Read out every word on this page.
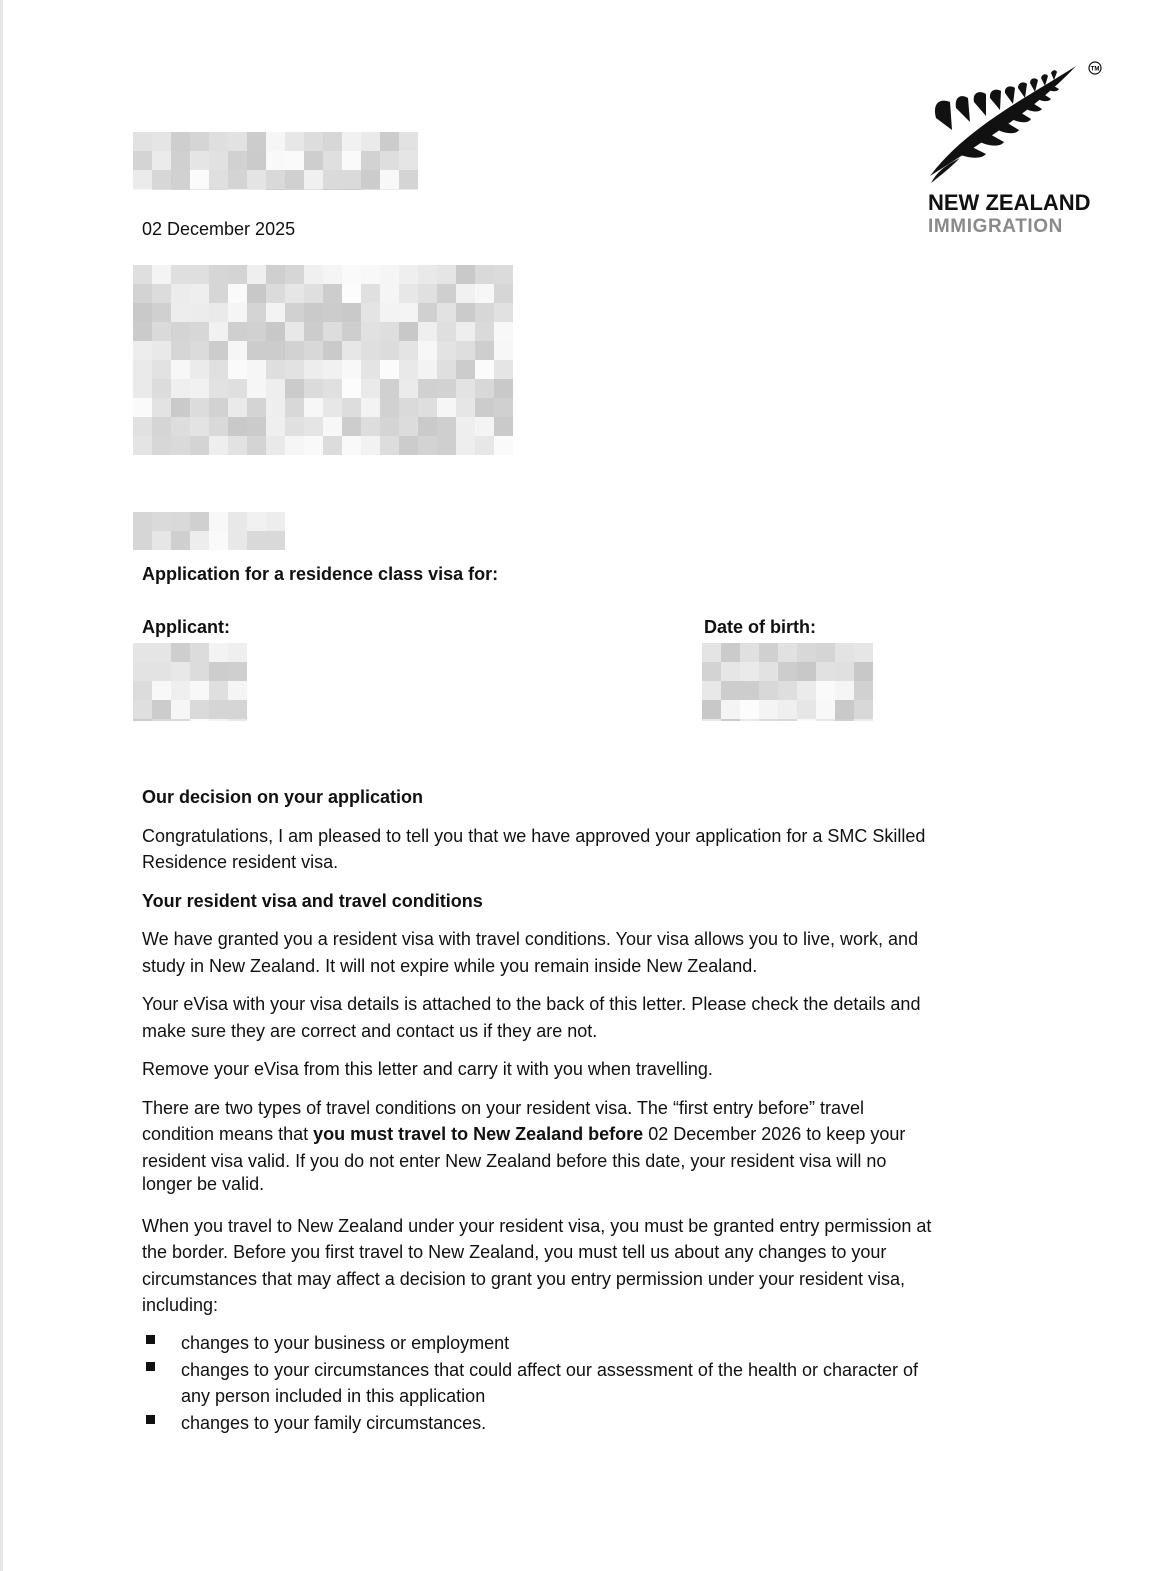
TM
NEW ZEALAND
IMMIGRATION
02 December 2025
Application for a residence class visa for:
Applicant:	Date of birth:
Our decision on your application
Congratulations, I am pleased to tell you that we have approved your application for a SMC Skilled
Residence resident visa.
Your resident visa and travel conditions
We have granted you a resident visa with travel conditions. Your visa allows you to live, work, and
study in New Zealand. It will not expire while you remain inside New Zealand.
Your eVisa with your visa details is attached to the back of this letter. Please check the details and
make sure they are correct and contact us if they are not.
Remove your eVisa from this letter and carry it with you when travelling.
There are two types of travel conditions on your resident visa. The “first entry before” travel
condition means that you must travel to New Zealand before 02 December 2026 to keep your
resident visa valid. If you do not enter New Zealand before this date, your resident visa will no
longer be valid.
When you travel to New Zealand under your resident visa, you must be granted entry permission at
the border. Before you first travel to New Zealand, you must tell us about any changes to your
circumstances that may affect a decision to grant you entry permission under your resident visa,
including:
changes to your business or employment
changes to your circumstances that could affect our assessment of the health or character of
any person included in this application
changes to your family circumstances.
